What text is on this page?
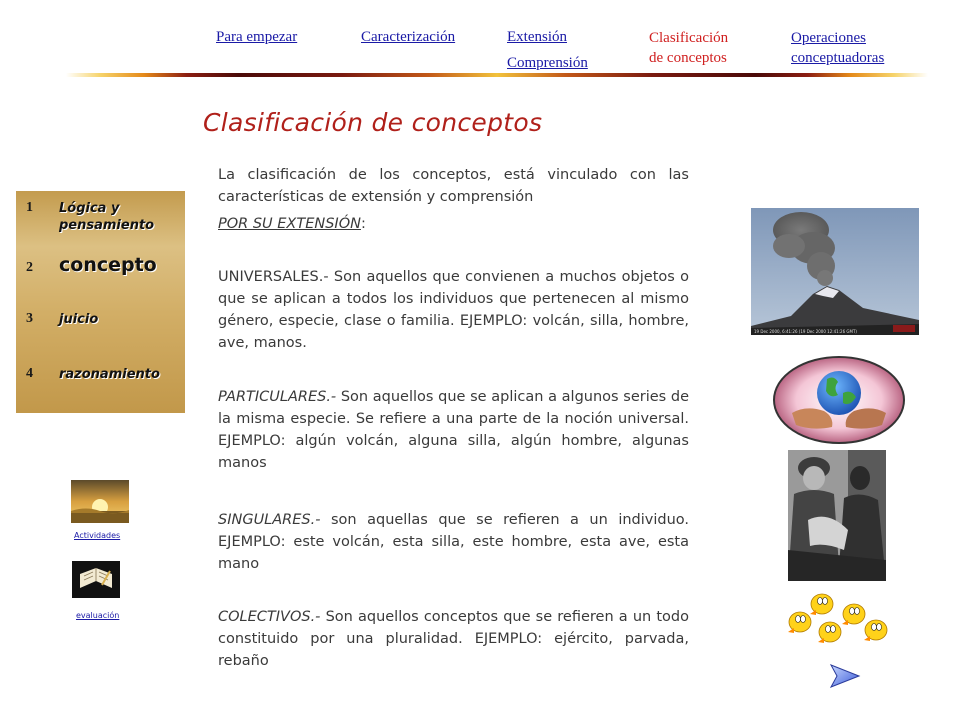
Para empezar	Caracterización	Extensión
Comprensión
Clasificación
de conceptos
Operaciones
conceptuadoras
Clasificación de conceptos
1 Lógica y
pensamiento
2 concepto
3 juicio
4 razonamiento
Actividades
evaluación
La clasificación de los conceptos, está vinculado con las características de extensión y comprensión
POR SU EXTENSIÓN:
UNIVERSALES.- Son aquellos que convienen a muchos objetos o que se aplican a todos los individuos que pertenecen al mismo género, especie, clase o familia. EJEMPLO: volcán, silla, hombre, ave, manos.
PARTICULARES.- Son aquellos que se aplican a algunos series de la misma especie. Se refiere a una parte de la noción universal. EJEMPLO: algún volcán, alguna silla, algún hombre, algunas manos
SINGULARES.- son aquellas que se refieren a un individuo. EJEMPLO: este volcán, esta silla, este hombre, esta ave, esta mano
COLECTIVOS.- Son aquellos conceptos que se refieren a un todo constituido por una pluralidad. EJEMPLO: ejército, parvada, rebaño
19 Dec 2000, 6:41:26 (19 Dec 2000 12:41:26 GMT)
